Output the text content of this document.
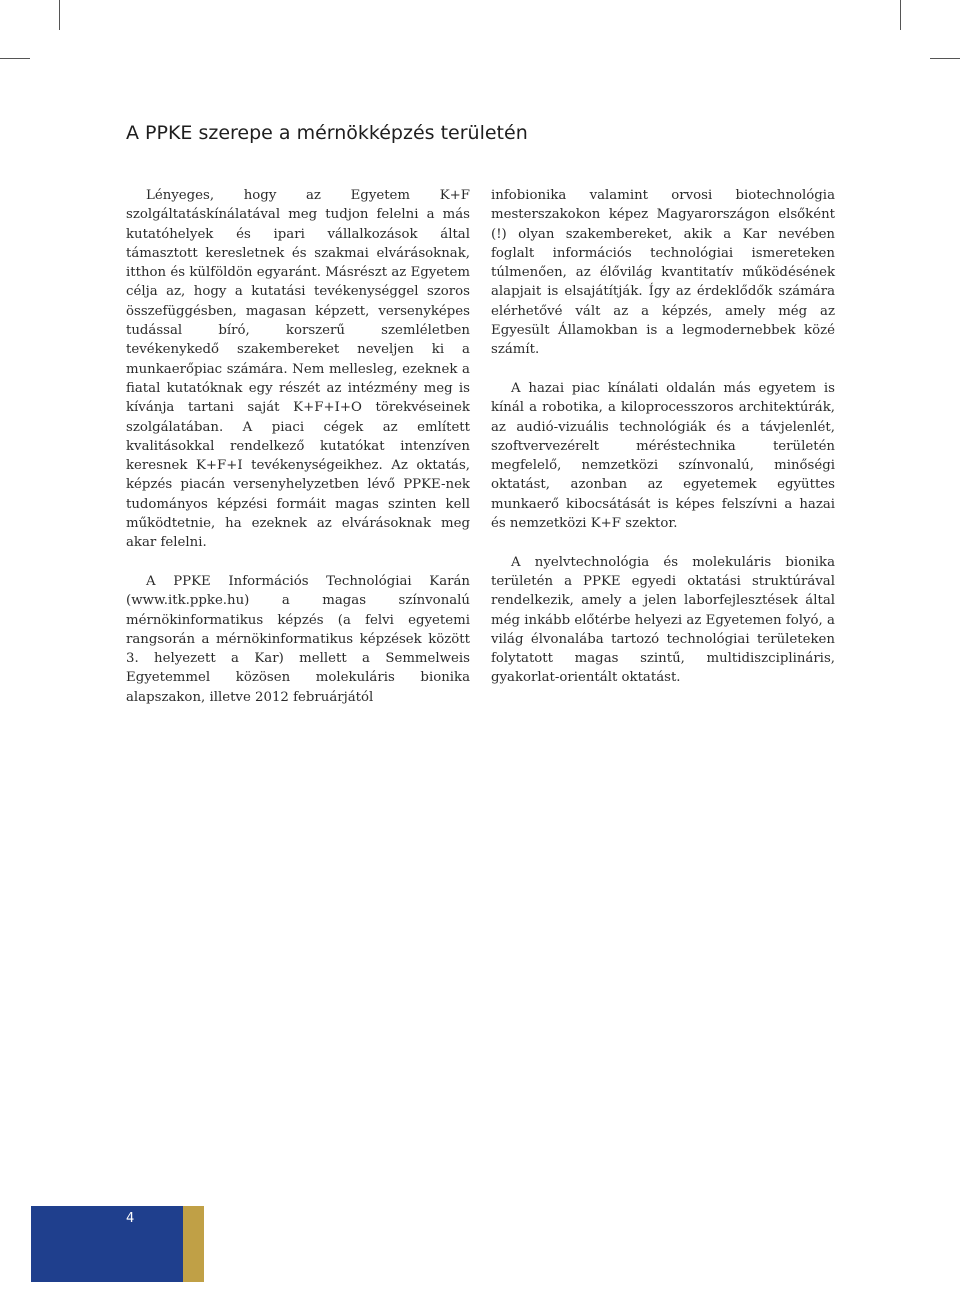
A PPKE szerepe a mérnökképzés területén

Lényeges, hogy az Egyetem K+F szolgáltatáskínálatával meg tudjon felelni a más kutatóhelyek és ipari vállalkozások által támasztott keresletnek és szakmai elvárásoknak, itthon és külföldön egyaránt. Másrészt az Egyetem célja az, hogy a kutatási tevékenységgel szoros összefüggésben, magasan képzett, versenyképes tudással bíró, korszerű szemléletben tevékenykedő szakembereket neveljen ki a munkaerőpiac számára. Nem mellesleg, ezeknek a fiatal kutatóknak egy részét az intézmény meg is kívánja tartani saját K+F+I+O törekvéseinek szolgálatában. A piaci cégek az említett kvalitásokkal rendelkező kutatókat intenzíven keresnek K+F+I tevékenységeikhez. Az oktatás, képzés piacán versenyhelyzetben lévő PPKE-nek tudományos képzési formáit magas szinten kell működtetnie, ha ezeknek az elvárásoknak meg akar felelni.

A PPKE Információs Technológiai Karán (www.itk.ppke.hu) a magas színvonalú mérnökinformatikus képzés (a felvi egyetemi rangsorán a mérnökinformatikus képzések között 3. helyezett a Kar) mellett a Semmelweis Egyetemmel közösen molekuláris bionika alapszakon, illetve 2012 februárjától

infobionika valamint orvosi biotechnológia mesterszakokon képez Magyarországon elsőként (!) olyan szakembereket, akik a Kar nevében foglalt információs technológiai ismereteken túlmenően, az élővilág kvantitatív működésének alapjait is elsajátítják. Így az érdeklődők számára elérhetővé vált az a képzés, amely még az Egyesült Államokban is a legmodernebbek közé számít.

A hazai piac kínálati oldalán más egyetem is kínál a robotika, a kiloprocesszoros architektúrák, az audió-vizuális technológiák és a távjelenlét, szoftvervezérelt méréstechnika területén megfelelő, nemzetközi színvonalú, minőségi oktatást, azonban az egyetemek együttes munkaerő kibocsátását is képes felszívni a hazai és nemzetközi K+F szektor.

A nyelvtechnológia és molekuláris bionika területén a PPKE egyedi oktatási struktúrával rendelkezik, amely a jelen laborfejlesztések által még inkább előtérbe helyezi az Egyetemen folyó, a világ élvonalába tartozó technológiai területeken folytatott magas szintű, multidiszciplináris, gyakorlat-orientált oktatást.

4
